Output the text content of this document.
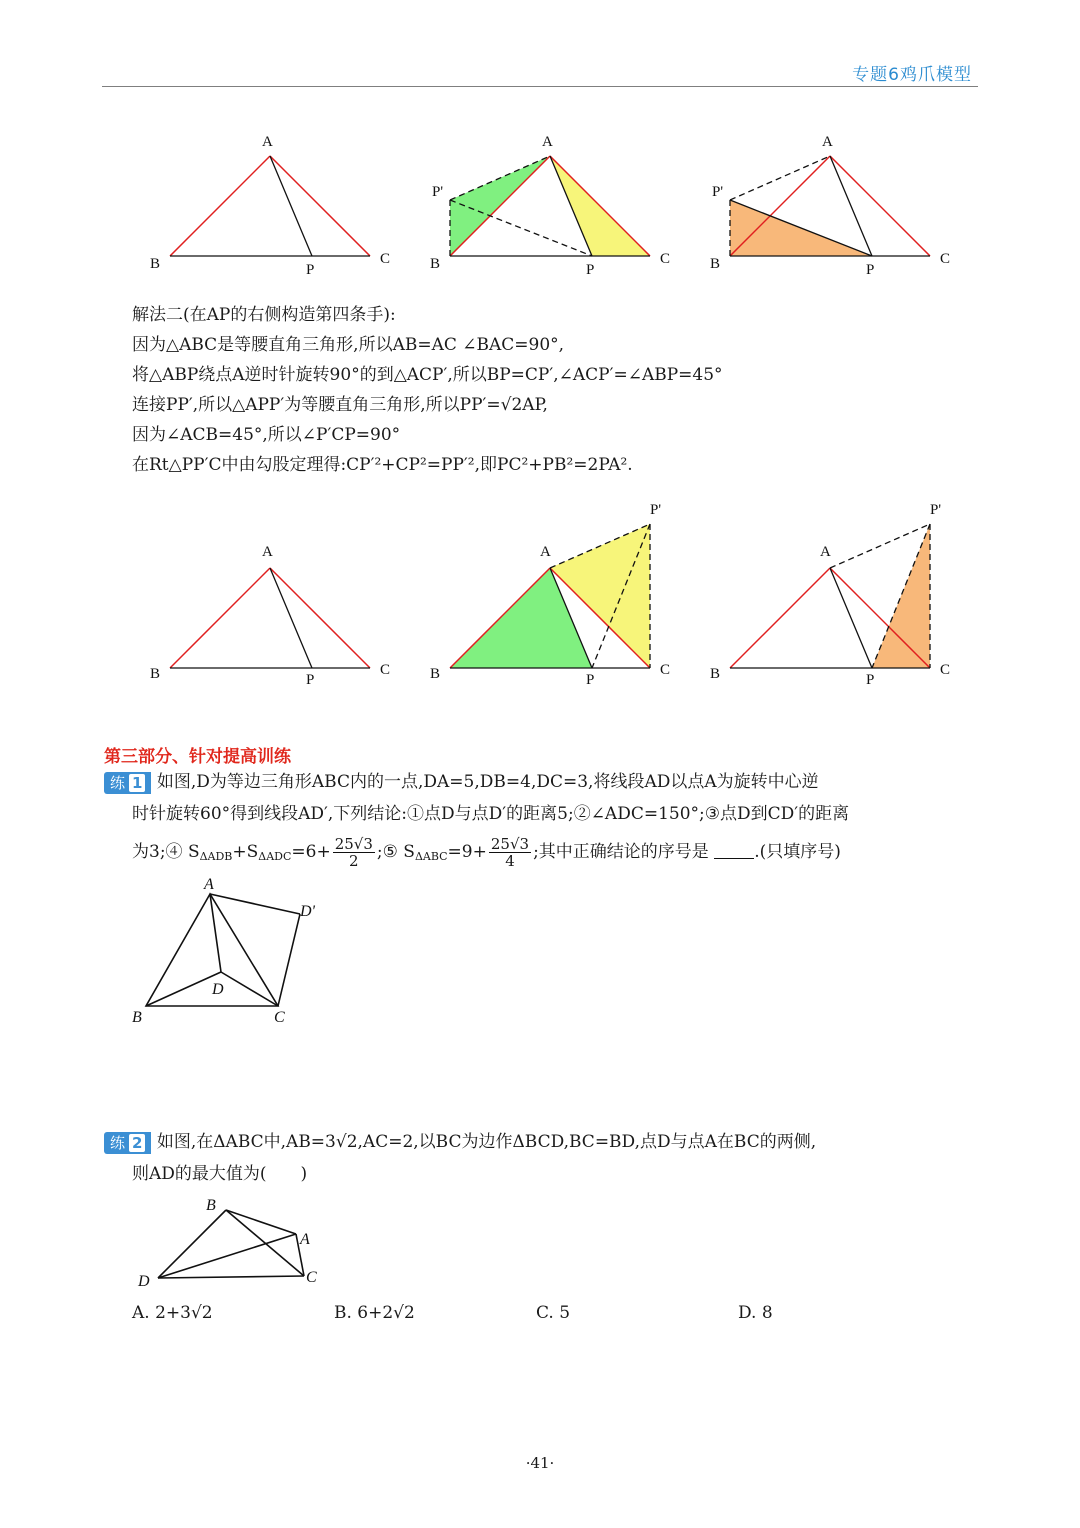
专题6鸡爪模型
A
B	C
P
A
P'
B	C
P
A
P'
B	C
P
解法二(在AP的右侧构造第四条手):
因为△ABC是等腰直角三角形,所以AB=AC ∠BAC=90°,
将△ABP绕点A逆时针旋转90°的到△ACP′,所以BP=CP′,∠ACP′=∠ABP=45°
连接PP′,所以△APP′为等腰直角三角形,所以PP′=√2AP,
因为∠ACB=45°,所以∠P′CP=90°
在Rt△PP′C中由勾股定理得:CP′²+CP²=PP′²,即PC²+PB²=2PA².
A
B	C
P
P'
A
B	C
P
P'
A
B	C
P
第三部分、针对提高训练
练 1 如图,D为等边三角形ABC内的一点,DA=5,DB=4,DC=3,将线段AD以点A为旋转中心逆
时针旋转60°得到线段AD′,下列结论:①点D与点D′的距离5;②∠ADC=150°;③点D到CD′的距离
为3;④ $S_{\Delta ADB}+S_{\Delta ADC}=6+ \frac{25√3}{2}$ ;⑤ $S_{\Delta ABC}=9+ \frac{25√3}{4}$ ;其中正确结论的序号是	.(只填序号)
A
D'
D
B	C
练 2 如图,在ΔABC中,AB=3√2,AC=2,以BC为边作ΔBCD,BC=BD,点D与点A在BC的两侧,
则AD的最大值为(　　)
B
A
D	C
A. 2+3√2	B. 6+2√2	C. 5	D. 8
·41·
